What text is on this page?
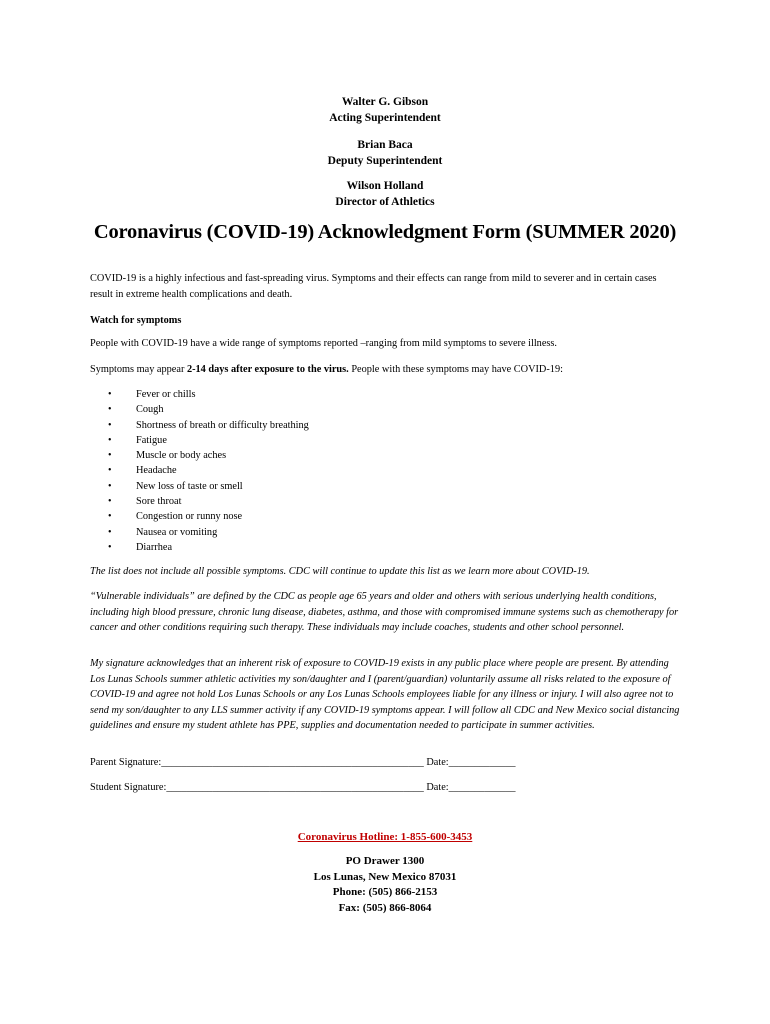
Walter G. Gibson
Acting Superintendent
Brian Baca
Deputy Superintendent
Wilson Holland
Director of Athletics
Coronavirus (COVID-19) Acknowledgment Form (SUMMER 2020)
COVID-19 is a highly infectious and fast-spreading virus. Symptoms and their effects can range from mild to severer and in certain cases result in extreme health complications and death.
Watch for symptoms
People with COVID-19 have a wide range of symptoms reported –ranging from mild symptoms to severe illness.
Symptoms may appear 2-14 days after exposure to the virus. People with these symptoms may have COVID-19:
• Fever or chills
• Cough
• Shortness of breath or difficulty breathing
• Fatigue
• Muscle or body aches
• Headache
• New loss of taste or smell
• Sore throat
• Congestion or runny nose
• Nausea or vomiting
• Diarrhea
The list does not include all possible symptoms. CDC will continue to update this list as we learn more about COVID-19.
“Vulnerable individuals” are defined by the CDC as people age 65 years and older and others with serious underlying health conditions, including high blood pressure, chronic lung disease, diabetes, asthma, and those with compromised immune systems such as chemotherapy for cancer and other conditions requiring such therapy. These individuals may include coaches, students and other school personnel.
My signature acknowledges that an inherent risk of exposure to COVID-19 exists in any public place where people are present. By attending Los Lunas Schools summer athletic activities my son/daughter and I (parent/guardian) voluntarily assume all risks related to the exposure of COVID-19 and agree not hold Los Lunas Schools or any Los Lunas Schools employees liable for any illness or injury. I will also agree not to send my son/daughter to any LLS summer activity if any COVID-19 symptoms appear. I will follow all CDC and New Mexico social distancing guidelines and ensure my student athlete has PPE, supplies and documentation needed to participate in summer activities.
Parent Signature:___________________________________________________ Date:_____________
Student Signature:__________________________________________________ Date:_____________
Coronavirus Hotline: 1-855-600-3453
PO Drawer 1300
Los Lunas, New Mexico 87031
Phone: (505) 866-2153
Fax: (505) 866-8064
